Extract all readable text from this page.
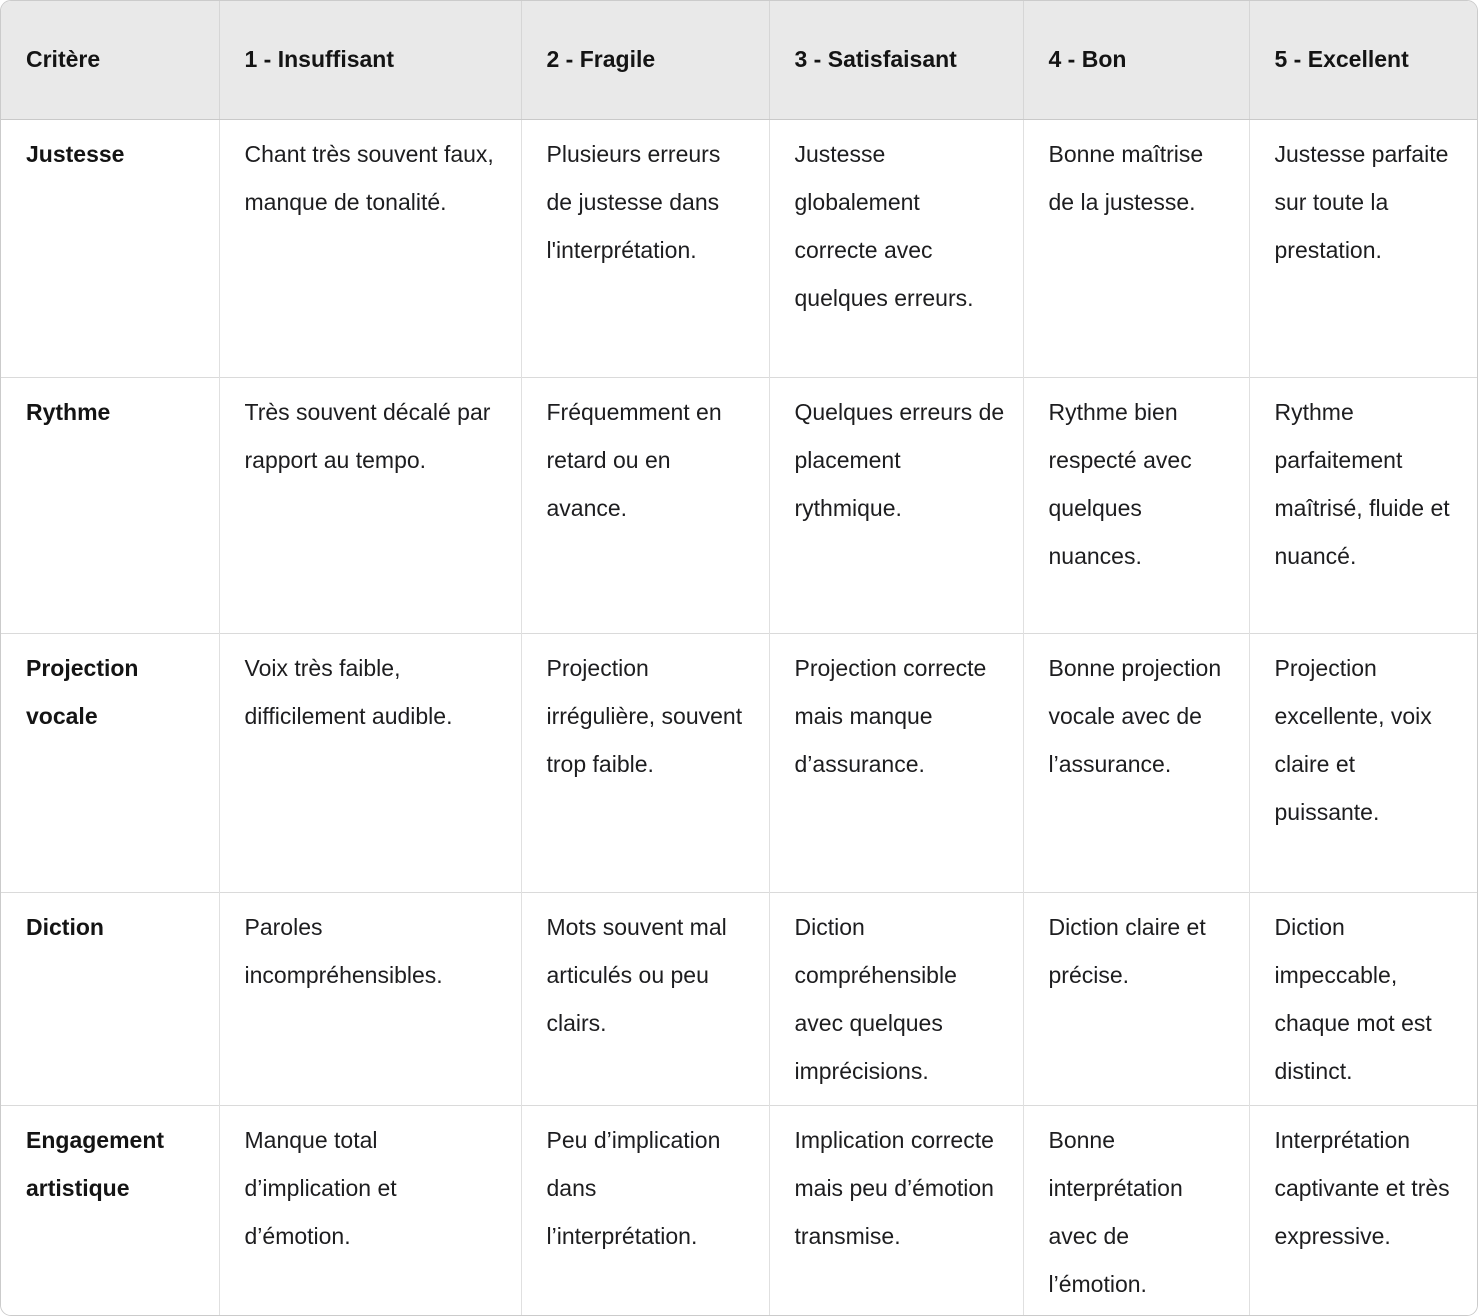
Critère	1 - Insuffisant	2 - Fragile	3 - Satisfaisant	4 - Bon	5 - Excellent
Justesse	Chant très souvent faux, manque de tonalité.	Plusieurs erreurs de justesse dans l'interprétation.	Justesse globalement correcte avec quelques erreurs.	Bonne maîtrise de la justesse.	Justesse parfaite sur toute la prestation.
Rythme	Très souvent décalé par rapport au tempo.	Fréquemment en retard ou en avance.	Quelques erreurs de placement rythmique.	Rythme bien respecté avec quelques nuances.	Rythme parfaitement maîtrisé, fluide et nuancé.
Projection vocale	Voix très faible, difficilement audible.	Projection irrégulière, souvent trop faible.	Projection correcte mais manque d’assurance.	Bonne projection vocale avec de l’assurance.	Projection excellente, voix claire et puissante.
Diction	Paroles incompréhensibles.	Mots souvent mal articulés ou peu clairs.	Diction compréhensible avec quelques imprécisions.	Diction claire et précise.	Diction impeccable, chaque mot est distinct.
Engagement artistique	Manque total d’implication et d’émotion.	Peu d’implication dans l’interprétation.	Implication correcte mais peu d’émotion transmise.	Bonne interprétation avec de l’émotion.	Interprétation captivante et très expressive.
